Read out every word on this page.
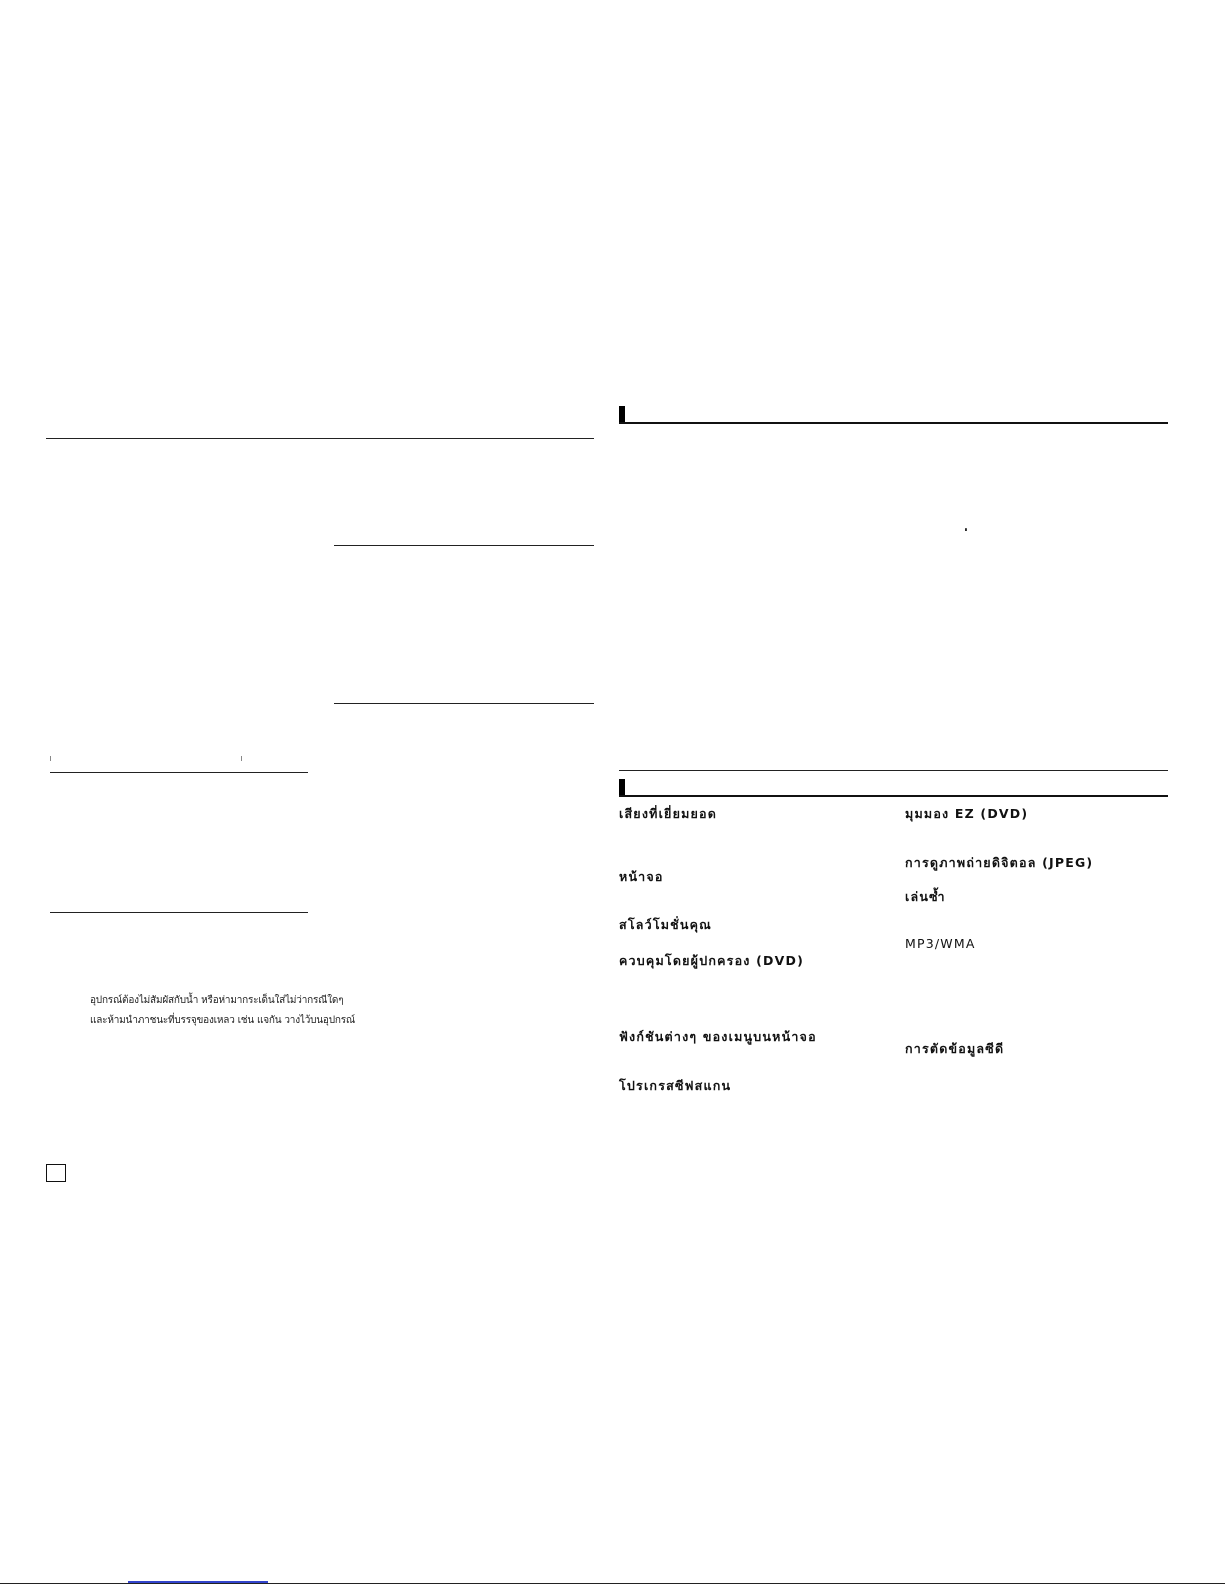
อุปกรณ์ต้องไม่สัมผัสกับน้ำ หรือห่ามากระเด็นใส่ไม่ว่ากรณีใดๆ
และห้ามนำภาชนะที่บรรจุของเหลว เช่น แจกัน วางไว้บนอุปกรณ์
เสียงที่เยี่ยมยอด
หน้าจอ
สโลว์โมชั่นคุณ
ควบคุมโดยผู้ปกครอง (DVD)
ฟังก์ชันต่างๆ ของเมนูบนหน้าจอ
โปรเกรสซีฟสแกน
มุมมอง EZ (DVD)
การดูภาพถ่ายดิจิตอล (JPEG)
เล่นซ้ำ
MP3/WMA
การตัดข้อมูลซีดี
